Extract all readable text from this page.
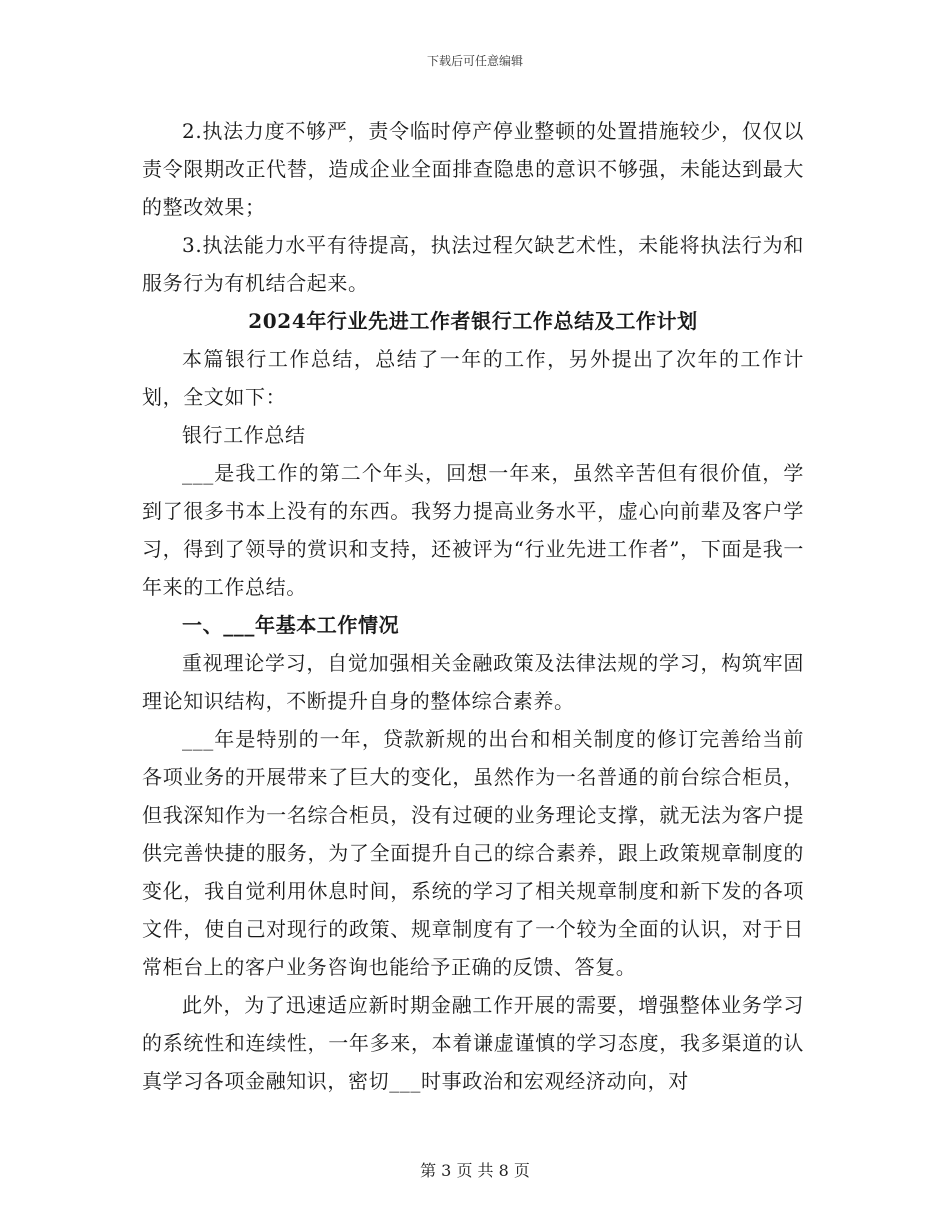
下载后可任意编辑

2.执法力度不够严，责令临时停产停业整顿的处置措施较少，仅仅以责令限期改正代替，造成企业全面排查隐患的意识不够强，未能达到最大的整改效果；

3.执法能力水平有待提高，执法过程欠缺艺术性，未能将执法行为和服务行为有机结合起来。

2024年行业先进工作者银行工作总结及工作计划

本篇银行工作总结，总结了一年的工作，另外提出了次年的工作计划，全文如下：

银行工作总结

___是我工作的第二个年头，回想一年来，虽然辛苦但有很价值，学到了很多书本上没有的东西。我努力提高业务水平，虚心向前辈及客户学习，得到了领导的赏识和支持，还被评为“行业先进工作者”，下面是我一年来的工作总结。

一、___年基本工作情况

重视理论学习，自觉加强相关金融政策及法律法规的学习，构筑牢固理论知识结构，不断提升自身的整体综合素养。

___年是特别的一年，贷款新规的出台和相关制度的修订完善给当前各项业务的开展带来了巨大的变化，虽然作为一名普通的前台综合柜员，但我深知作为一名综合柜员，没有过硬的业务理论支撑，就无法为客户提供完善快捷的服务，为了全面提升自己的综合素养，跟上政策规章制度的变化，我自觉利用休息时间，系统的学习了相关规章制度和新下发的各项文件，使自己对现行的政策、规章制度有了一个较为全面的认识，对于日常柜台上的客户业务咨询也能给予正确的反馈、答复。

此外，为了迅速适应新时期金融工作开展的需要，增强整体业务学习的系统性和连续性，一年多来，本着谦虚谨慎的学习态度，我多渠道的认真学习各项金融知识，密切___时事政治和宏观经济动向，对

第 3 页 共 8 页
